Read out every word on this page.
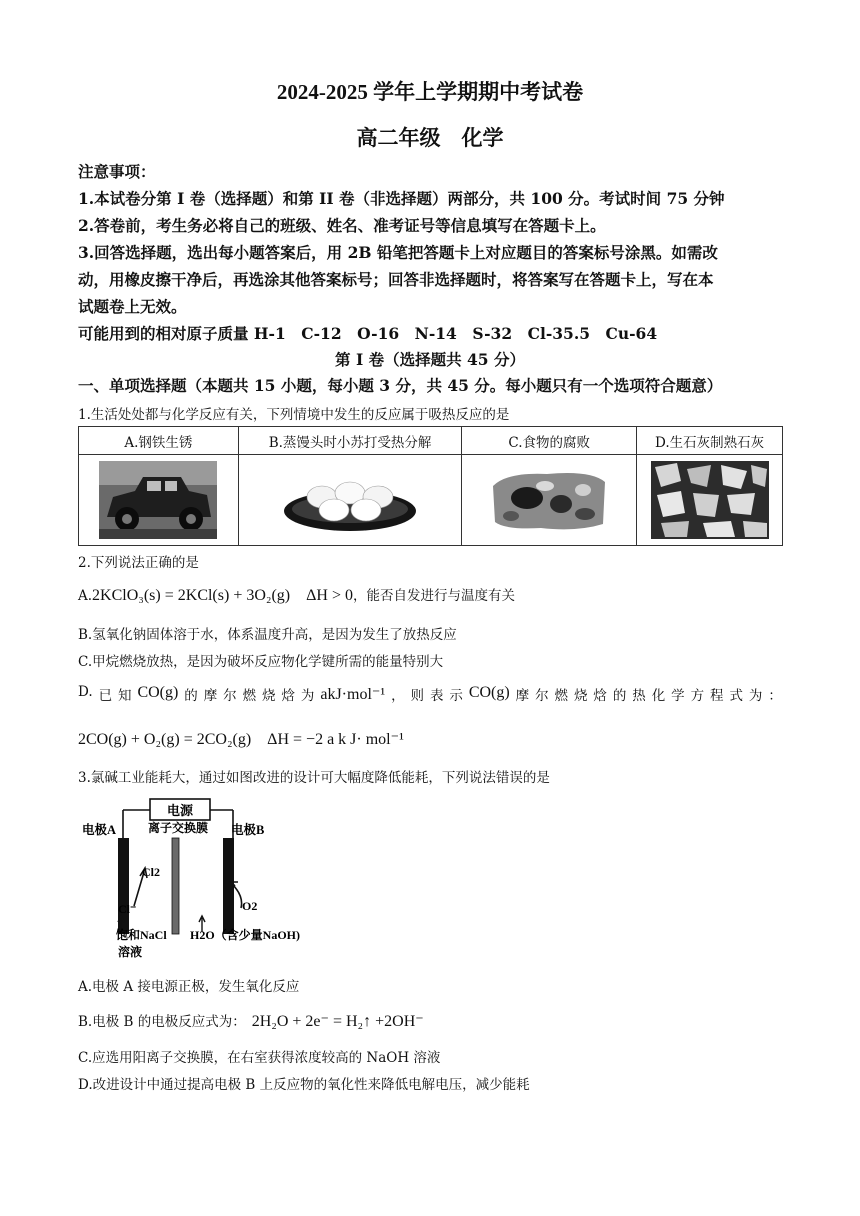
2024-2025 学年上学期期中考试卷
高二年级　化学
注意事项：
1.本试卷分第 I 卷（选择题）和第 II 卷（非选择题）两部分，共 100 分。考试时间 75 分钟
2.答卷前，考生务必将自己的班级、姓名、准考证号等信息填写在答题卡上。
3.回答选择题，选出每小题答案后，用 2B 铅笔把答题卡上对应题目的答案标号涂黑。如需改
动，用橡皮擦干净后，再选涂其他答案标号；回答非选择题时，将答案写在答题卡上，写在本
试题卷上无效。
可能用到的相对原子质量 H-1　C-12　O-16　N-14　S-32　Cl-35.5　Cu-64
第 I 卷（选择题共 45 分）
一、单项选择题（本题共 15 小题，每小题 3 分，共 45 分。每小题只有一个选项符合题意）
1.生活处处都与化学反应有关，下列情境中发生的反应属于吸热反应的是
A.钢铁生锈	B.蒸馒头时小苏打受热分解	C.食物的腐败	D.生石灰制熟石灰

2.下列说法正确的是
A.2KClO₃(s) = 2KCl(s) + 3O₂(g) ΔH > 0，能否自发进行与温度有关
B.氢氧化钠固体溶于水，体系温度升高，是因为发生了放热反应
C.甲烷燃烧放热，是因为破坏反应物化学键所需的能量特别大
D. 已 知 CO(g) 的 摩 尔 燃 烧 焓 为 akJ·mol⁻¹ ， 则 表 示 CO(g) 摩 尔 燃 烧 焓 的 热 化 学 方 程 式 为 ：
2CO(g) + O₂(g) = 2CO₂(g) ΔH = −2 a k J· mol⁻¹
3.氯碱工业能耗大，通过如图改进的设计可大幅度降低能耗，下列说法错误的是
电源
电极A	离子交换膜 电极B
Cl2
Cl⁻	O2
饱和NaCl
溶液
H2O（含少量NaOH)
A.电极 A 接电源正极，发生氧化反应
B.电极 B 的电极反应式为： 2H₂O + 2e⁻ = H₂↑ +2OH⁻
C.应选用阳离子交换膜，在右室获得浓度较高的 NaOH 溶液
D.改进设计中通过提高电极 B 上反应物的氧化性来降低电解电压，减少能耗
